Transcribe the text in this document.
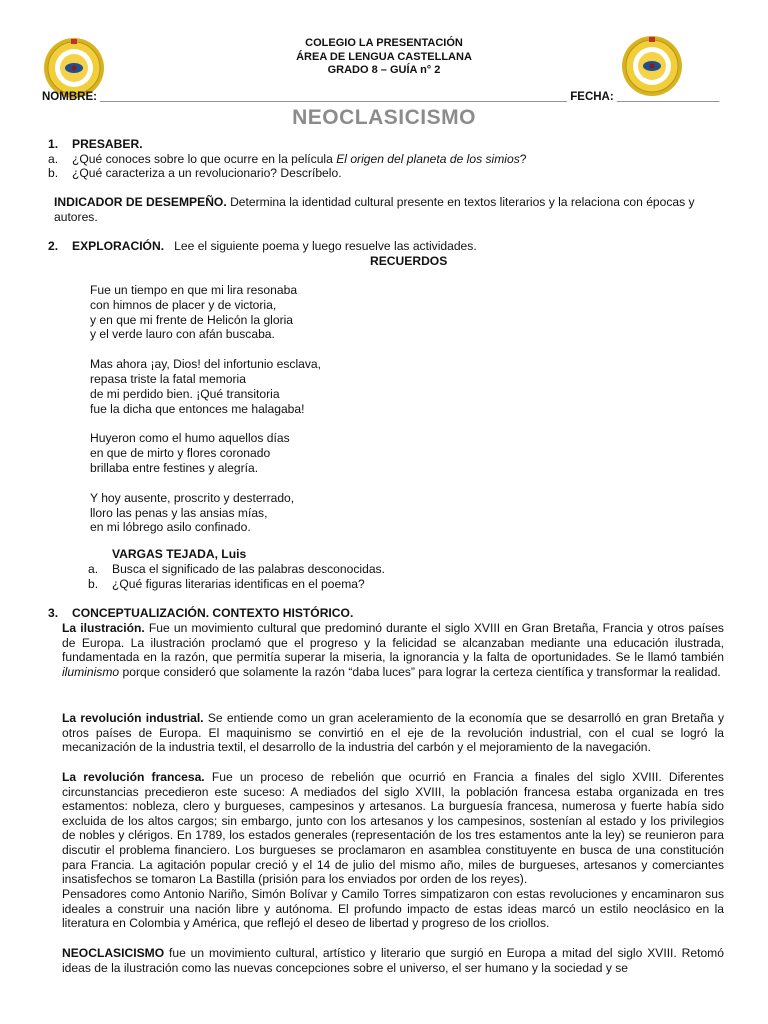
COLEGIO LA PRESENTACIÓN
ÁREA DE LENGUA CASTELLANA
GRADO 8 – GUÍA n° 2
NOMBRE: _________________________________________________________________________ FECHA: ________________
NEOCLASICISMO
1. PRESABER.
a. ¿Qué conoces sobre lo que ocurre en la película El origen del planeta de los simios?
b. ¿Qué caracteriza a un revolucionario? Descríbelo.
INDICADOR DE DESEMPEÑO. Determina la identidad cultural presente en textos literarios y la relaciona con épocas y
autores.
2. EXPLORACIÓN. Lee el siguiente poema y luego resuelve las actividades.
RECUERDOS
Fue un tiempo en que mi lira resonaba
con himnos de placer y de victoria,
y en que mi frente de Helicón la gloria
y el verde lauro con afán buscaba.
Mas ahora ¡ay, Dios! del infortunio esclava,
repasa triste la fatal memoria
de mi perdido bien. ¡Qué transitoria
fue la dicha que entonces me halagaba!
Huyeron como el humo aquellos días
en que de mirto y flores coronado
brillaba entre festines y alegría.
Y hoy ausente, proscrito y desterrado,
lloro las penas y las ansias mías,
en mi lóbrego asilo confinado.
VARGAS TEJADA, Luis
a. Busca el significado de las palabras desconocidas.
b. ¿Qué figuras literarias identificas en el poema?
3. CONCEPTUALIZACIÓN. CONTEXTO HISTÓRICO.
La ilustración. Fue un movimiento cultural que predominó durante el siglo XVIII en Gran Bretaña, Francia y otros países de Europa. La ilustración proclamó que el progreso y la felicidad se alcanzaban mediante una educación ilustrada, fundamentada en la razón, que permitía superar la miseria, la ignorancia y la falta de oportunidades. Se le llamó también iluminismo porque consideró que solamente la razón “daba luces” para lograr la certeza científica y transformar la realidad.
La revolución industrial. Se entiende como un gran aceleramiento de la economía que se desarrolló en gran Bretaña y otros países de Europa. El maquinismo se convirtió en el eje de la revolución industrial, con el cual se logró la mecanización de la industria textil, el desarrollo de la industria del carbón y el mejoramiento de la navegación.
La revolución francesa. Fue un proceso de rebelión que ocurrió en Francia a finales del siglo XVIII. Diferentes circunstancias precedieron este suceso: A mediados del siglo XVIII, la población francesa estaba organizada en tres estamentos: nobleza, clero y burgueses, campesinos y artesanos. La burguesía francesa, numerosa y fuerte había sido excluida de los altos cargos; sin embargo, junto con los artesanos y los campesinos, sostenían al estado y los privilegios de nobles y clérigos. En 1789, los estados generales (representación de los tres estamentos ante la ley) se reunieron para discutir el problema financiero. Los burgueses se proclamaron en asamblea constituyente en busca de una constitución para Francia. La agitación popular creció y el 14 de julio del mismo año, miles de burgueses, artesanos y comerciantes insatisfechos se tomaron La Bastilla (prisión para los enviados por orden de los reyes).
Pensadores como Antonio Nariño, Simón Bolívar y Camilo Torres simpatizaron con estas revoluciones y encaminaron sus ideales a construir una nación libre y autónoma. El profundo impacto de estas ideas marcó un estilo neoclásico en la literatura en Colombia y América, que reflejó el deseo de libertad y progreso de los criollos.
NEOCLASICISMO fue un movimiento cultural, artístico y literario que surgió en Europa a mitad del siglo XVIII. Retomó ideas de la ilustración como las nuevas concepciones sobre el universo, el ser humano y la sociedad y se
